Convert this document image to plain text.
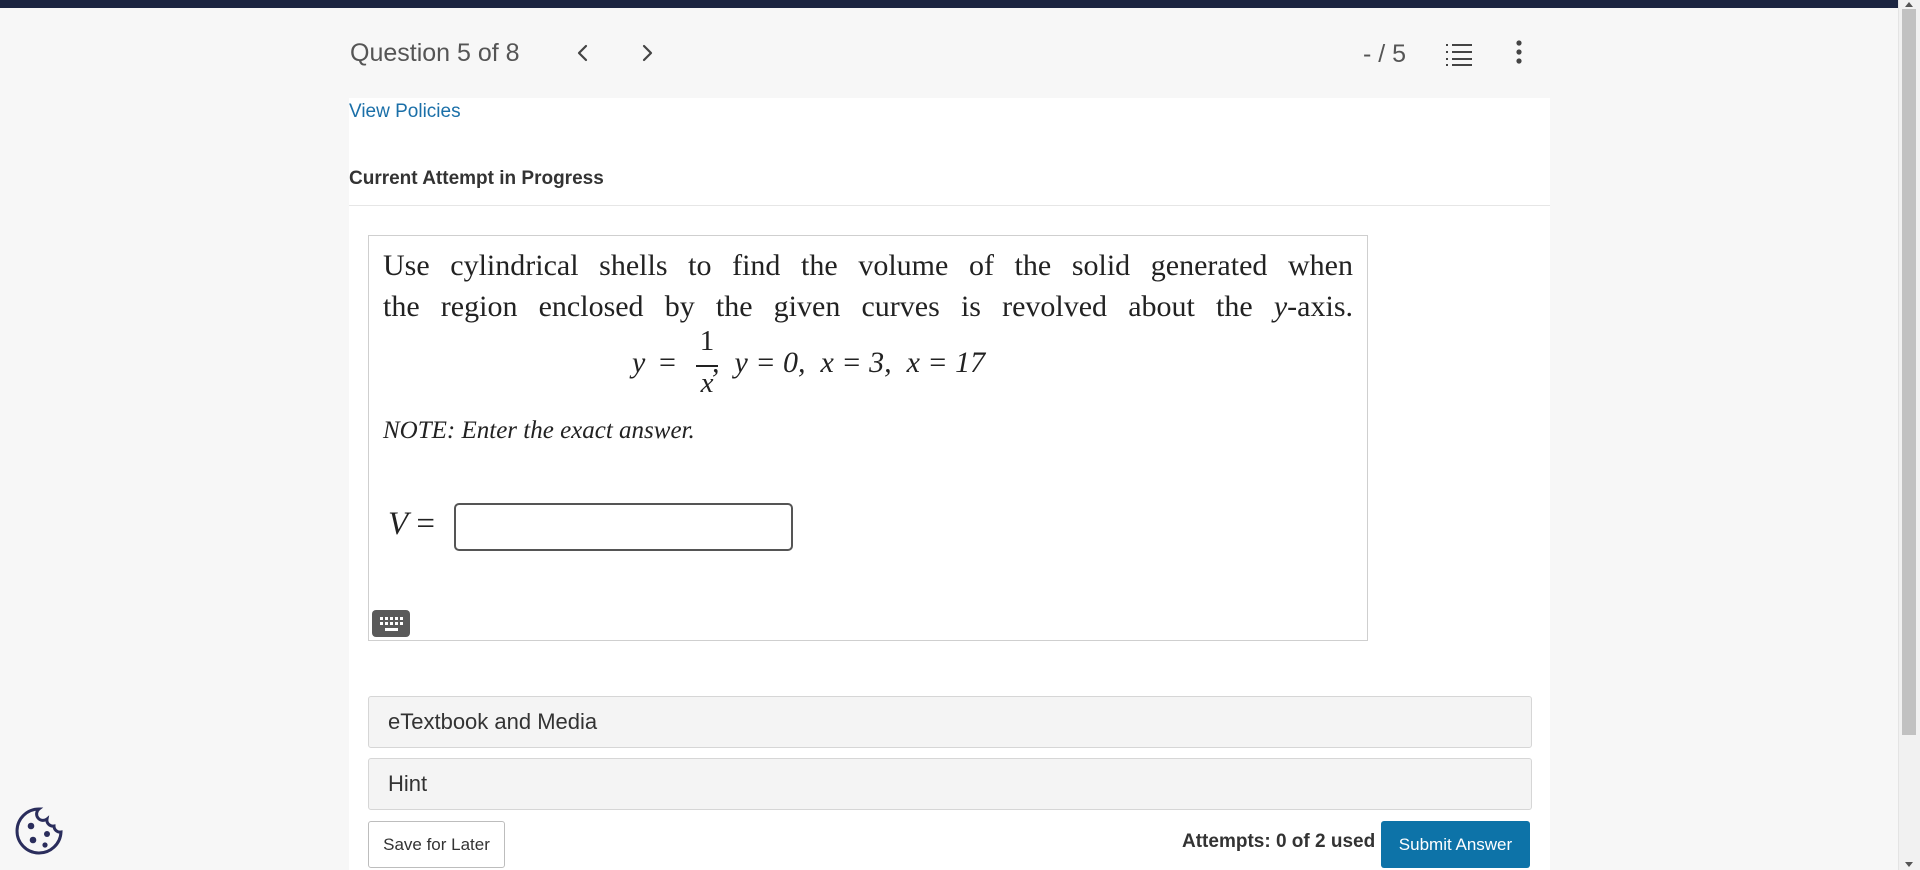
Question 5 of 8	- / 5
View Policies
Current Attempt in Progress
Use cylindrical shells to find the volume of the solid generated when
the region enclosed by the given curves is revolved about the y-axis.
y =
1
x
,  y = 0,  x = 3,  x = 17
NOTE: Enter the exact answer.
V =
eTextbook and Media
Hint
Save for Later	Attempts: 0 of 2 used	Submit Answer
